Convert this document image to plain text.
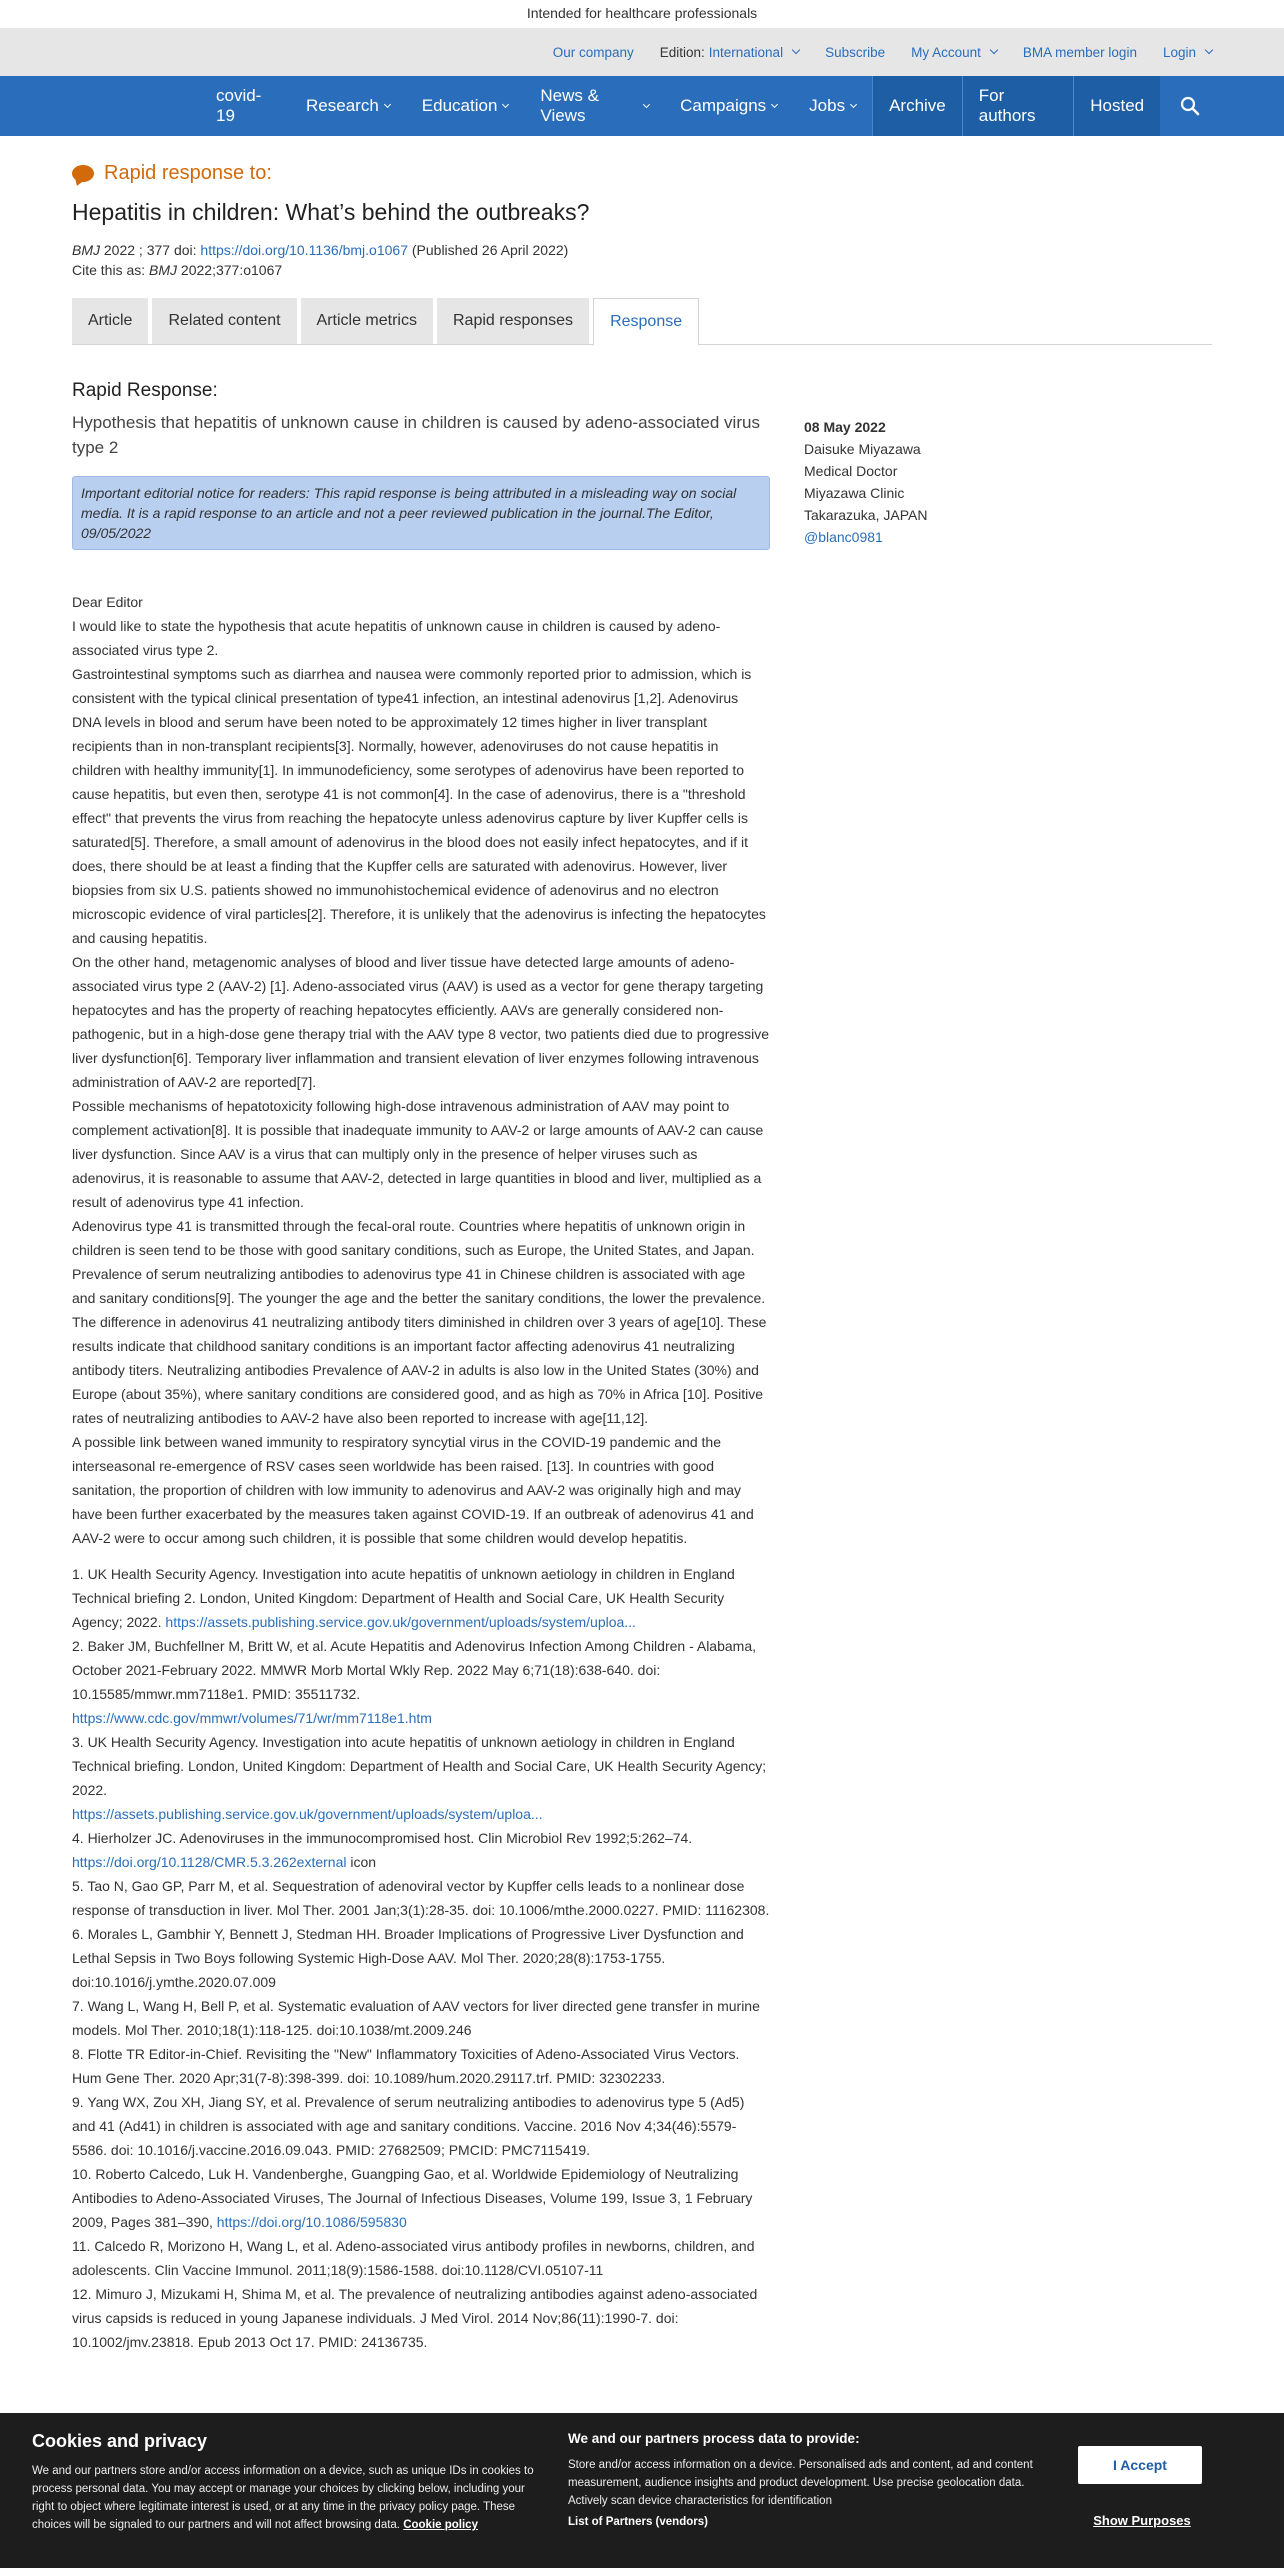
Intended for healthcare professionals
Our company Edition: International	Subscribe My Account	BMA member login Login
the bmj	covid-19
Research	Education
News & Views
Campaigns	Jobs	Archive
For authors
Hosted	Search
Rapid response to:
Hepatitis in children: What’s behind the outbreaks?
BMJ 2022 ; 377 doi: https://doi.org/10.1136/bmj.o1067 (Published 26 April 2022)
Cite this as: BMJ 2022;377:o1067
Article	Related content	Article metrics	Rapid responses	Response
Rapid Response:
Hypothesis that hepatitis of unknown cause in children is caused by adeno-associated virus type 2
Important editorial notice for readers: This rapid response is being attributed in a misleading way on social media. It is a rapid response to an article and not a peer reviewed publication in the journal.The Editor, 09/05/2022

Dear Editor

I would like to state the hypothesis that acute hepatitis of unknown cause in children is caused by adeno-associated virus type 2.

Gastrointestinal symptoms such as diarrhea and nausea were commonly reported prior to admission, which is consistent with the typical clinical presentation of type41 infection, an intestinal adenovirus [1,2]. Adenovirus DNA levels in blood and serum have been noted to be approximately 12 times higher in liver transplant recipients than in non-transplant recipients[3]. Normally, however, adenoviruses do not cause hepatitis in children with healthy immunity[1]. In immunodeficiency, some serotypes of adenovirus have been reported to cause hepatitis, but even then, serotype 41 is not common[4]. In the case of adenovirus, there is a "threshold effect" that prevents the virus from reaching the hepatocyte unless adenovirus capture by liver Kupffer cells is saturated[5]. Therefore, a small amount of adenovirus in the blood does not easily infect hepatocytes, and if it does, there should be at least a finding that the Kupffer cells are saturated with adenovirus. However, liver biopsies from six U.S. patients showed no immunohistochemical evidence of adenovirus and no electron microscopic evidence of viral particles[2]. Therefore, it is unlikely that the adenovirus is infecting the hepatocytes and causing hepatitis.

On the other hand, metagenomic analyses of blood and liver tissue have detected large amounts of adeno-associated virus type 2 (AAV-2) [1]. Adeno-associated virus (AAV) is used as a vector for gene therapy targeting hepatocytes and has the property of reaching hepatocytes efficiently. AAVs are generally considered non-pathogenic, but in a high-dose gene therapy trial with the AAV type 8 vector, two patients died due to progressive liver dysfunction[6]. Temporary liver inflammation and transient elevation of liver enzymes following intravenous administration of AAV-2 are reported[7].

Possible mechanisms of hepatotoxicity following high-dose intravenous administration of AAV may point to complement activation[8]. It is possible that inadequate immunity to AAV-2 or large amounts of AAV-2 can cause liver dysfunction. Since AAV is a virus that can multiply only in the presence of helper viruses such as adenovirus, it is reasonable to assume that AAV-2, detected in large quantities in blood and liver, multiplied as a result of adenovirus type 41 infection.

Adenovirus type 41 is transmitted through the fecal-oral route. Countries where hepatitis of unknown origin in children is seen tend to be those with good sanitary conditions, such as Europe, the United States, and Japan. Prevalence of serum neutralizing antibodies to adenovirus type 41 in Chinese children is associated with age and sanitary conditions[9]. The younger the age and the better the sanitary conditions, the lower the prevalence. The difference in adenovirus 41 neutralizing antibody titers diminished in children over 3 years of age[10]. These results indicate that childhood sanitary conditions is an important factor affecting adenovirus 41 neutralizing antibody titers. Neutralizing antibodies Prevalence of AAV-2 in adults is also low in the United States (30%) and Europe (about 35%), where sanitary conditions are considered good, and as high as 70% in Africa [10]. Positive rates of neutralizing antibodies to AAV-2 have also been reported to increase with age[11,12].

A possible link between waned immunity to respiratory syncytial virus in the COVID-19 pandemic and the interseasonal re-emergence of RSV cases seen worldwide has been raised. [13]. In countries with good sanitation, the proportion of children with low immunity to adenovirus and AAV-2 was originally high and may have been further exacerbated by the measures taken against COVID-19. If an outbreak of adenovirus 41 and AAV-2 were to occur among such children, it is possible that some children would develop hepatitis.

1. UK Health Security Agency. Investigation into acute hepatitis of unknown aetiology in children in England Technical briefing 2. London, United Kingdom: Department of Health and Social Care, UK Health Security Agency; 2022. https://assets.publishing.service.gov.uk/government/uploads/system/uploa...

2. Baker JM, Buchfellner M, Britt W, et al. Acute Hepatitis and Adenovirus Infection Among Children - Alabama, October 2021-February 2022. MMWR Morb Mortal Wkly Rep. 2022 May 6;71(18):638-640. doi: 10.15585/mmwr.mm7118e1. PMID: 35511732.
https://www.cdc.gov/mmwr/volumes/71/wr/mm7118e1.htm

3. UK Health Security Agency. Investigation into acute hepatitis of unknown aetiology in children in England Technical briefing. London, United Kingdom: Department of Health and Social Care, UK Health Security Agency; 2022.
https://assets.publishing.service.gov.uk/government/uploads/system/uploa...

4. Hierholzer JC. Adenoviruses in the immunocompromised host. Clin Microbiol Rev 1992;5:262–74.
https://doi.org/10.1128/CMR.5.3.262external icon

5. Tao N, Gao GP, Parr M, et al. Sequestration of adenoviral vector by Kupffer cells leads to a nonlinear dose response of transduction in liver. Mol Ther. 2001 Jan;3(1):28-35. doi: 10.1006/mthe.2000.0227. PMID: 11162308.

6. Morales L, Gambhir Y, Bennett J, Stedman HH. Broader Implications of Progressive Liver Dysfunction and Lethal Sepsis in Two Boys following Systemic High-Dose AAV. Mol Ther. 2020;28(8):1753-1755. doi:10.1016/j.ymthe.2020.07.009

7. Wang L, Wang H, Bell P, et al. Systematic evaluation of AAV vectors for liver directed gene transfer in murine models. Mol Ther. 2010;18(1):118-125. doi:10.1038/mt.2009.246

8. Flotte TR Editor-in-Chief. Revisiting the "New" Inflammatory Toxicities of Adeno-Associated Virus Vectors. Hum Gene Ther. 2020 Apr;31(7-8):398-399. doi: 10.1089/hum.2020.29117.trf. PMID: 32302233.

9. Yang WX, Zou XH, Jiang SY, et al. Prevalence of serum neutralizing antibodies to adenovirus type 5 (Ad5) and 41 (Ad41) in children is associated with age and sanitary conditions. Vaccine. 2016 Nov 4;34(46):5579-5586. doi: 10.1016/j.vaccine.2016.09.043. PMID: 27682509; PMCID: PMC7115419.

10. Roberto Calcedo, Luk H. Vandenberghe, Guangping Gao, et al. Worldwide Epidemiology of Neutralizing Antibodies to Adeno-Associated Viruses, The Journal of Infectious Diseases, Volume 199, Issue 3, 1 February 2009, Pages 381–390, https://doi.org/10.1086/595830

11. Calcedo R, Morizono H, Wang L, et al. Adeno-associated virus antibody profiles in newborns, children, and adolescents. Clin Vaccine Immunol. 2011;18(9):1586-1588. doi:10.1128/CVI.05107-11

12. Mimuro J, Mizukami H, Shima M, et al. The prevalence of neutralizing antibodies against adeno-associated virus capsids is reduced in young Japanese individuals. J Med Virol. 2014 Nov;86(11):1990-7. doi: 10.1002/jmv.23818. Epub 2013 Oct 17. PMID: 24136735.

08 May 2022
Daisuke Miyazawa
Medical Doctor
Miyazawa Clinic
Takarazuka, JAPAN
@blanc0981
Cookies and privacy
We and our partners store and/or access information on a device, such as unique IDs in cookies to process personal data. You may accept or manage your choices by clicking below, including your right to object where legitimate interest is used, or at any time in the privacy policy page. These choices will be signaled to our partners and will not affect browsing data. Cookie policy
We and our partners process data to provide:
Store and/or access information on a device. Personalised ads and content, ad and content measurement, audience insights and product development. Use precise geolocation data. Actively scan device characteristics for identification
List of Partners (vendors)
I Accept
Show Purposes
